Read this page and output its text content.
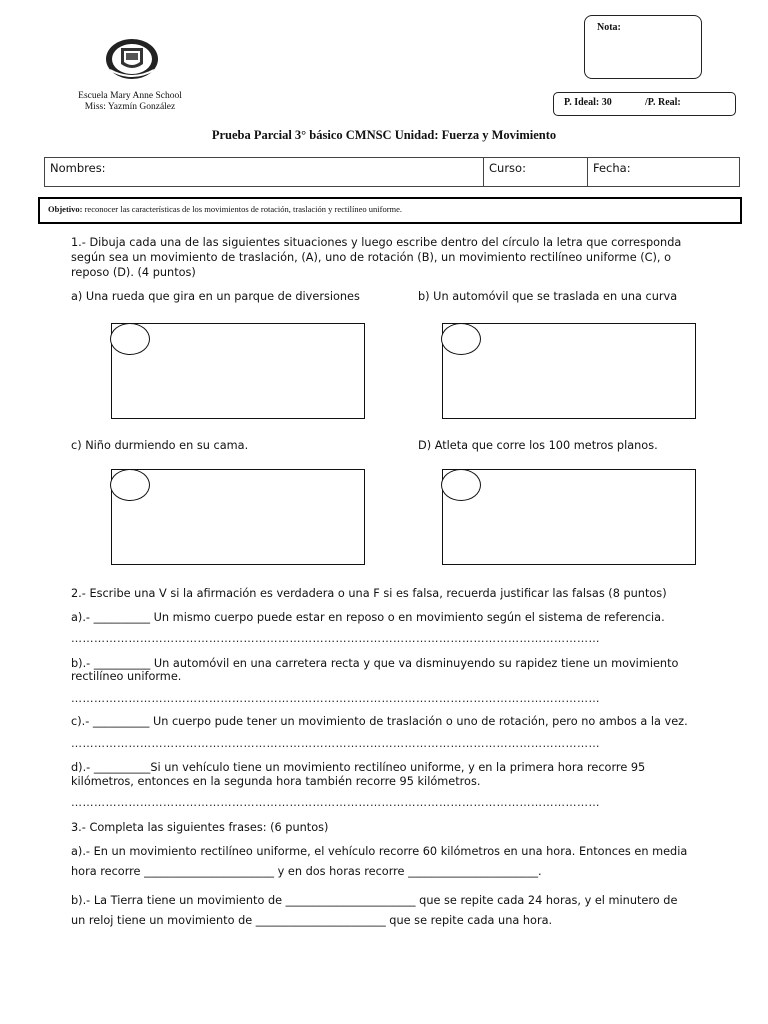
Escuela Mary Anne School
Miss: Yazmín González
Nota:
P. Ideal: 30	/P. Real:
Prueba Parcial 3° básico CMNSC Unidad: Fuerza y Movimiento
Nombres:	Curso:	Fecha:
Objetivo: reconocer las características de los movimientos de rotación, traslación y rectilíneo uniforme.
1.- Dibuja cada una de las siguientes situaciones y luego escribe dentro del círculo la letra que corresponda
según sea un movimiento de traslación, (A), uno de rotación (B), un movimiento rectilíneo uniforme (C), o
reposo (D). (4 puntos)
a) Una rueda que gira en un parque de diversiones	b) Un automóvil que se traslada en una curva
c) Niño durmiendo en su cama.	D) Atleta que corre los 100 metros planos.
2.- Escribe una V si la afirmación es verdadera o una F si es falsa, recuerda justificar las falsas (8 puntos)
a).- __________ Un mismo cuerpo puede estar en reposo o en movimiento según el sistema de referencia.
…………………………………………………………………………………………………………………………
b).- __________ Un automóvil en una carretera recta y que va disminuyendo su rapidez tiene un movimiento
rectilíneo uniforme.
…………………………………………………………………………………………………………………………
c).- __________ Un cuerpo pude tener un movimiento de traslación o uno de rotación, pero no ambos a la vez.
…………………………………………………………………………………………………………………………
d).- __________Si un vehículo tiene un movimiento rectilíneo uniforme, y en la primera hora recorre 95
kilómetros, entonces en la segunda hora también recorre 95 kilómetros.
…………………………………………………………………………………………………………………………
3.- Completa las siguientes frases: (6 puntos)
a).- En un movimiento rectilíneo uniforme, el vehículo recorre 60 kilómetros en una hora. Entonces en media
hora recorre _______________________ y en dos horas recorre _______________________.
b).- La Tierra tiene un movimiento de _______________________ que se repite cada 24 horas, y el minutero de
un reloj tiene un movimiento de _______________________ que se repite cada una hora.
